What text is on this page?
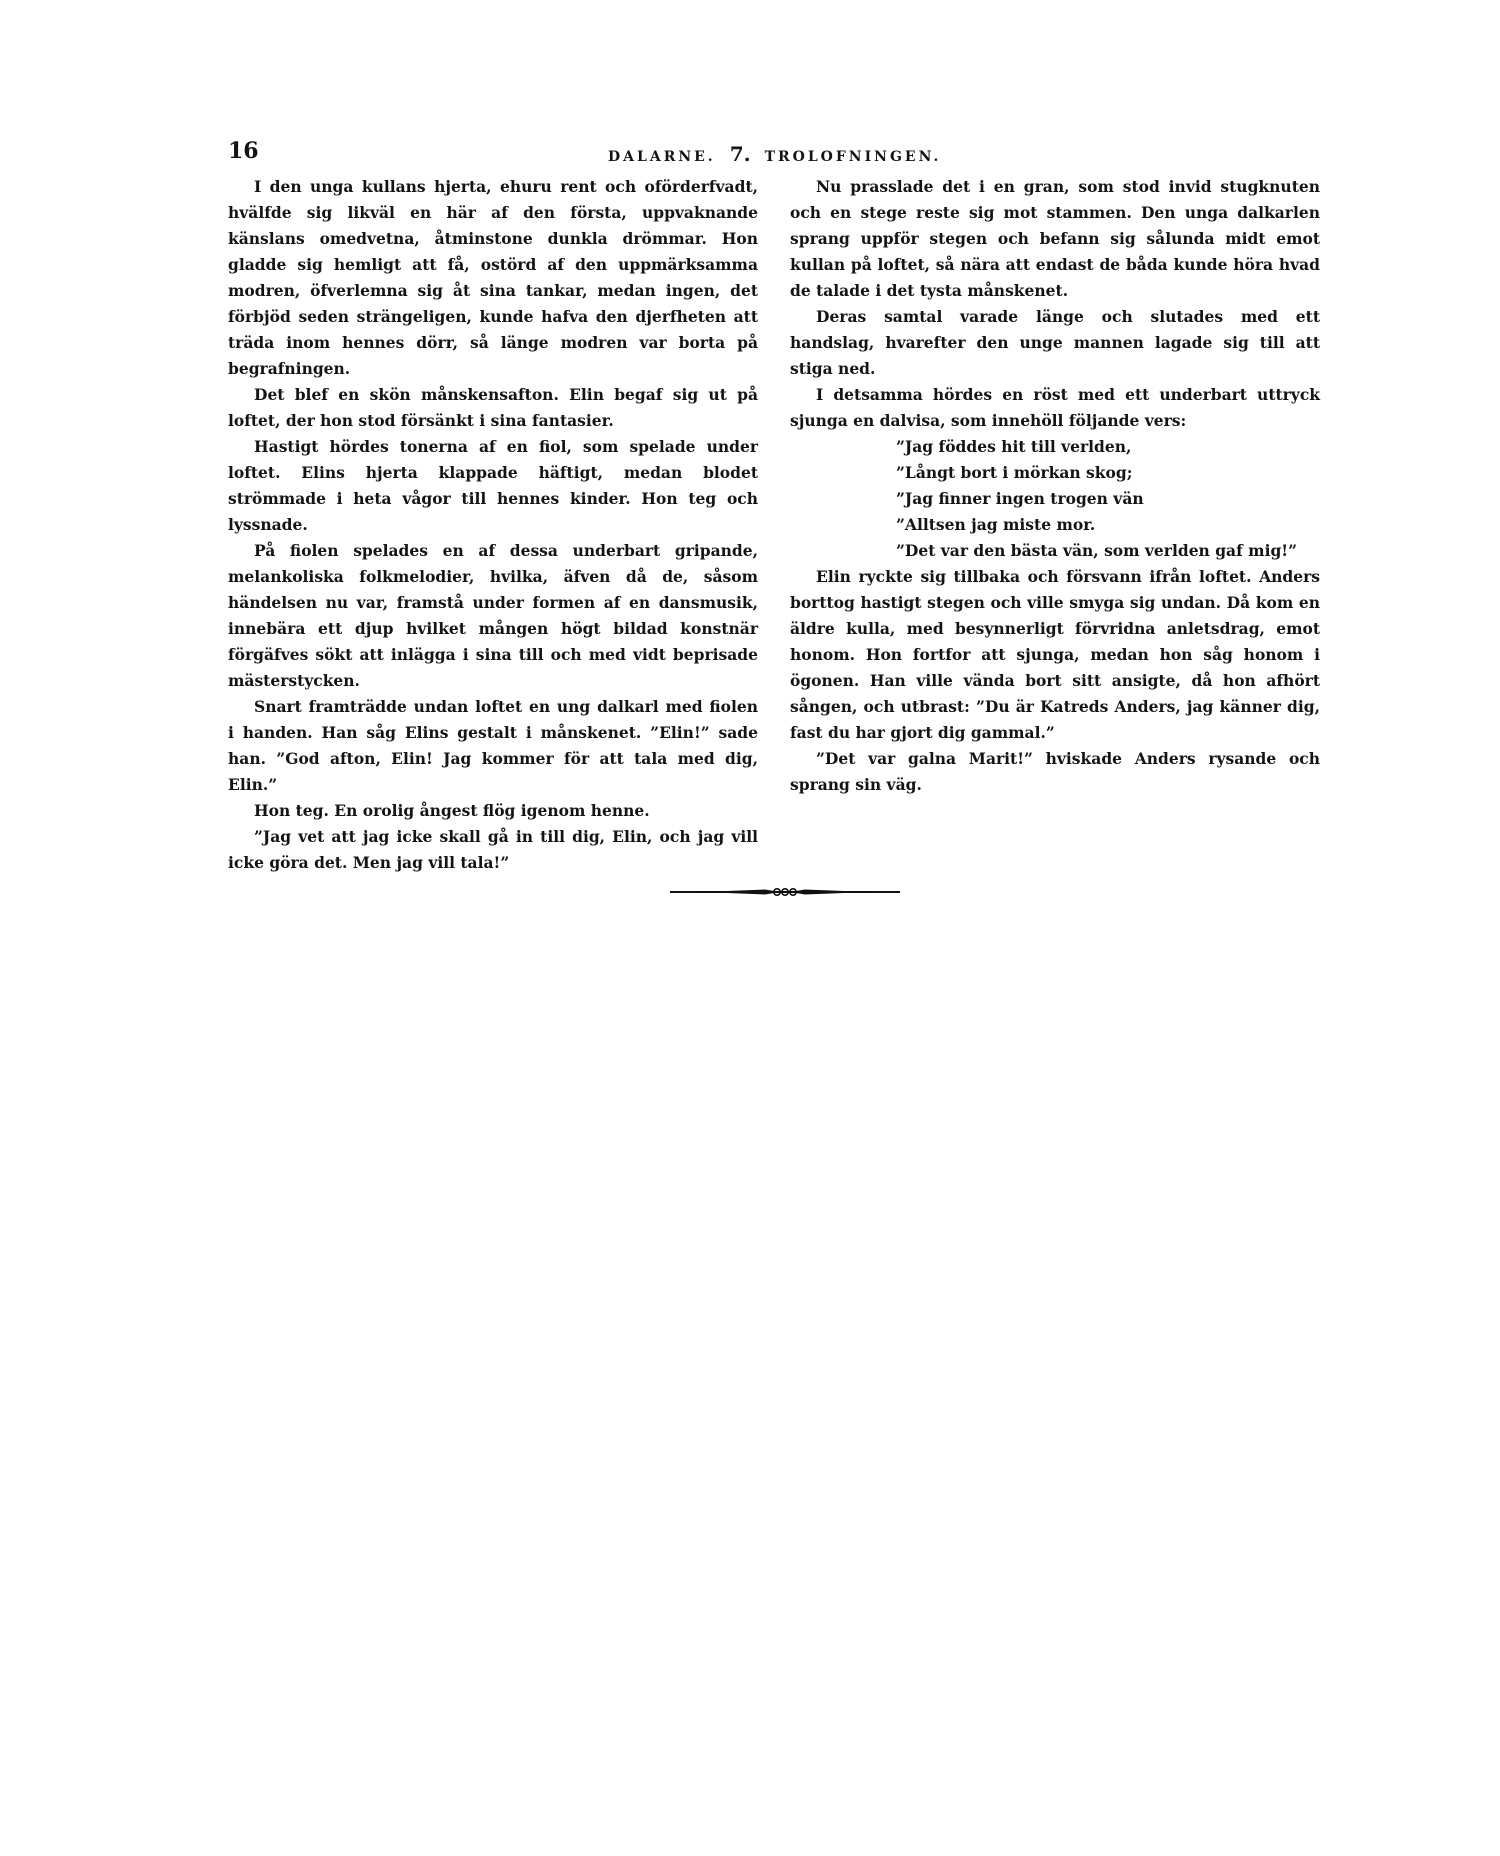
16	DALARNE. 7. TROLOFNINGEN.

I den unga kullans hjerta, ehuru rent och oförderfvadt, hvälfde sig likväl en här af den första, uppvaknande känslans omedvetna, åtminstone dunkla drömmar. Hon gladde sig hemligt att få, ostörd af den uppmärksamma modren, öfverlemna sig åt sina tankar, medan ingen, det förbjöd seden strängeligen, kunde hafva den djerfheten att träda inom hennes dörr, så länge modren var borta på begrafningen.

Det blef en skön månskensafton. Elin begaf sig ut på loftet, der hon stod försänkt i sina fantasier.

Hastigt hördes tonerna af en fiol, som spelade under loftet. Elins hjerta klappade häftigt, medan blodet strömmade i heta vågor till hennes kinder. Hon teg och lyssnade.

På fiolen spelades en af dessa underbart gripande, melankoliska folkmelodier, hvilka, äfven då de, såsom händelsen nu var, framstå under formen af en dansmusik, innebära ett djup hvilket mången högt bildad konstnär förgäfves sökt att inlägga i sina till och med vidt beprisade mästerstycken.

Snart framträdde undan loftet en ung dalkarl med fiolen i handen. Han såg Elins gestalt i månskenet. ”Elin!” sade han. ”God afton, Elin! Jag kommer för att tala med dig, Elin.”

Hon teg. En orolig ångest flög igenom henne.

”Jag vet att jag icke skall gå in till dig, Elin, och jag vill icke göra det. Men jag vill tala!”

Nu prasslade det i en gran, som stod invid stugknuten och en stege reste sig mot stammen. Den unga dalkarlen sprang uppför stegen och befann sig sålunda midt emot kullan på loftet, så nära att endast de båda kunde höra hvad de talade i det tysta månskenet.

Deras samtal varade länge och slutades med ett handslag, hvarefter den unge mannen lagade sig till att stiga ned.

I detsamma hördes en röst med ett underbart uttryck sjunga en dalvisa, som innehöll följande vers:

”Jag föddes hit till verlden,

”Långt bort i mörkan skog;

”Jag finner ingen trogen vän

”Alltsen jag miste mor.

”Det var den bästa vän, som verlden gaf mig!”

Elin ryckte sig tillbaka och försvann ifrån loftet. Anders borttog hastigt stegen och ville smyga sig undan. Då kom en äldre kulla, med besynnerligt förvridna anletsdrag, emot honom. Hon fortfor att sjunga, medan hon såg honom i ögonen. Han ville vända bort sitt ansigte, då hon afhört sången, och utbrast: ”Du är Katreds Anders, jag känner dig, fast du har gjort dig gammal.”

”Det var galna Marit!” hviskade Anders rysande och sprang sin väg.
